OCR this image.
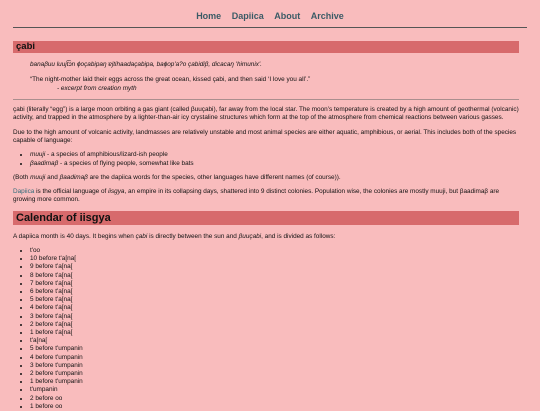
Home Dapiica About Archive
çabi
banaβuu luujt͡ɔn ɸoçabipaŋ ɐjtihaadaçabipa, baɸop'a?o çabidiβ, dicacaŋ 'himunix'.
“The night-mother laid their eggs across the great ocean, kissed çabi, and then said ‘I love you all’.”
- excerpt from creation myth

çabi (literally “egg”) is a large moon orbiting a gas giant (called βuuçabi), far away from the local star. The moon’s temperature is created by a high amount of geothermal (volcanic) activity, and trapped in the atmosphere by a lighter-than-air icy crystaline structures which form at the top of the atmosphere from chemical reactions between various gasses.

Due to the high amount of volcanic activity, landmasses are relatively unstable and most animal species are either aquatic, amphibious, or aerial. This includes both of the species capable of language:

• muuji - a species of amphibious/lizard-ish people
• βaadimaβ - a species of flying people, somewhat like bats

(Both muuji and βaadimaβ are the dapiica words for the species, other languages have different names (of course)).

Dapiica is the official language of iisgya, an empire in its collapsing days, shattered into 9 distinct colonies. Population wise, the colonies are mostly muuji, but βaadimaβ are growing more common.

Calendar of iisgya

A dapiica month is 40 days. It begins when çabi is directly between the sun and βuuçabi, and is divided as follows:

• t'oo
• 10 before t'a[na[
• 9 before t'a[na[
• 8 before t'a[na[
• 7 before t'a[na[
• 6 before t'a[na[
• 5 before t'a[na[
• 4 before t'a[na[
• 3 before t'a[na[
• 2 before t'a[na[
• 1 before t'a[na[
• t'a[na[
• 5 before t'umpanin
• 4 before t'umpanin
• 3 before t'umpanin
• 2 before t'umpanin
• 1 before t'umpanin
• t'umpanin
• 2 before oo
• 1 before oo
